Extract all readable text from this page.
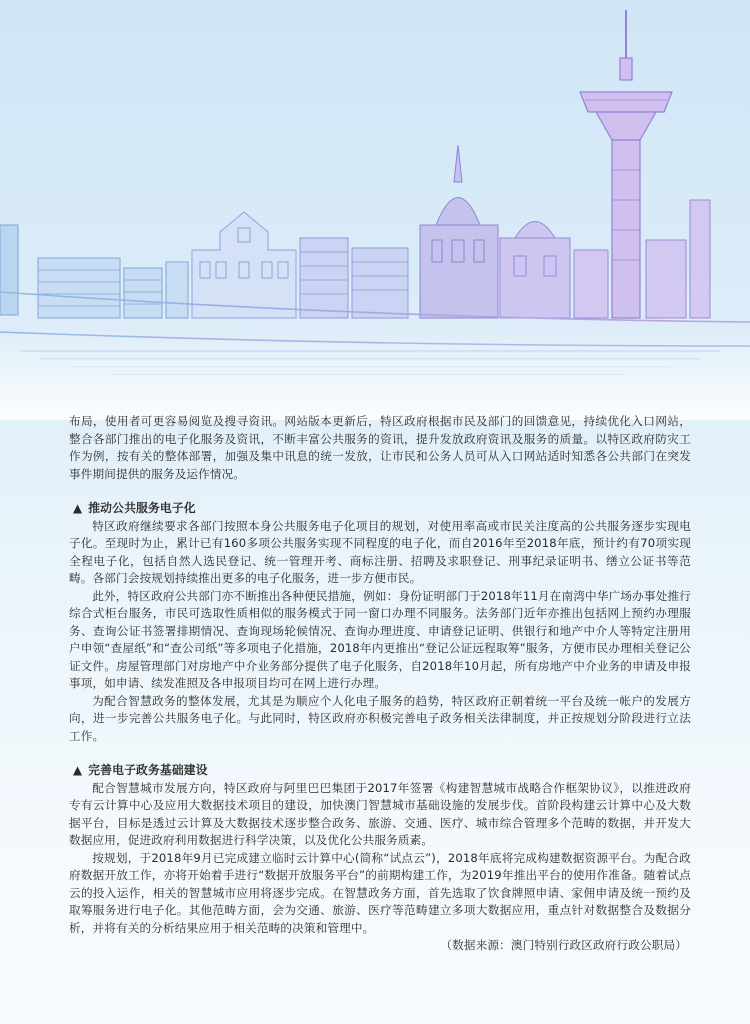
布局，使用者可更容易阅览及搜寻资讯。网站版本更新后，特区政府根据市民及部门的回馈意见，持续优化入口网站，整合各部门推出的电子化服务及资讯，不断丰富公共服务的资讯，提升发放政府资讯及服务的质量。以特区政府防灾工作为例，按有关的整体部署，加强及集中讯息的统一发放，让市民和公务人员可从入口网站适时知悉各公共部门在突发事件期间提供的服务及运作情况。

▲ 推动公共服务电子化

特区政府继续要求各部门按照本身公共服务电子化项目的规划，对使用率高或市民关注度高的公共服务逐步实现电子化。至现时为止，累计已有160多项公共服务实现不同程度的电子化，而自2016年至2018年底，预计约有70项实现全程电子化，包括自然人选民登记、统一管理开考、商标注册、招聘及求职登记、刑事纪录证明书、缮立公证书等范畴。各部门会按规划持续推出更多的电子化服务，进一步方便市民。

此外，特区政府公共部门亦不断推出各种便民措施，例如：身份证明部门于2018年11月在南湾中华广场办事处推行综合式柜台服务，市民可选取性质相似的服务模式于同一窗口办理不同服务。法务部门近年亦推出包括网上预约办理服务、查询公证书签署排期情况、查询现场轮候情况、查询办理进度、申请登记证明、供银行和地产中介人等特定注册用户申领“查屋纸”和“查公司纸”等多项电子化措施，2018年内更推出“登记公证远程取筹”服务，方便市民办理相关登记公证文件。房屋管理部门对房地产中介业务部分提供了电子化服务，自2018年10月起，所有房地产中介业务的申请及申报事项，如申请、续发准照及各申报项目均可在网上进行办理。

为配合智慧政务的整体发展，尤其是为顺应个人化电子服务的趋势，特区政府正朝着统一平台及统一帐户的发展方向，进一步完善公共服务电子化。与此同时，特区政府亦积极完善电子政务相关法律制度，并正按规划分阶段进行立法工作。

▲ 完善电子政务基础建设

配合智慧城市发展方向，特区政府与阿里巴巴集团于2017年签署《构建智慧城市战略合作框架协议》，以推进政府专有云计算中心及应用大数据技术项目的建设，加快澳门智慧城市基础设施的发展步伐。首阶段构建云计算中心及大数据平台，目标是透过云计算及大数据技术逐步整合政务、旅游、交通、医疗、城市综合管理多个范畴的数据，并开发大数据应用，促进政府利用数据进行科学决策，以及优化公共服务质素。

按规划，于2018年9月已完成建立临时云计算中心(简称“试点云”)，2018年底将完成构建数据资源平台。为配合政府数据开放工作，亦将开始着手进行“数据开放服务平台”的前期构建工作，为2019年推出平台的使用作准备。随着试点云的投入运作，相关的智慧城市应用将逐步完成。在智慧政务方面，首先选取了饮食牌照申请、家佣申请及统一预约及取筹服务进行电子化。其他范畴方面，会为交通、旅游、医疗等范畴建立多项大数据应用，重点针对数据整合及数据分析，并将有关的分析结果应用于相关范畴的决策和管理中。

（数据来源：澳门特别行政区政府行政公职局）
